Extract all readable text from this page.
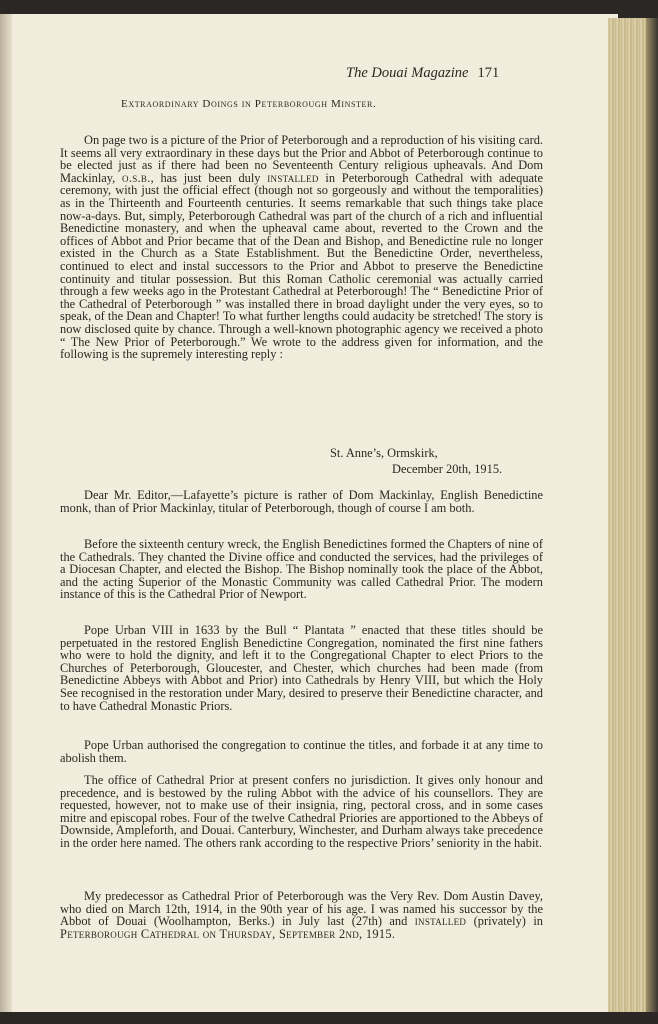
The Douai Magazine 171
Extraordinary Doings in Peterborough Minster.

On page two is a picture of the Prior of Peterborough and a reproduction of his visiting card. It seems all very extraordinary in these days but the Prior and Abbot of Peterborough continue to be elected just as if there had been no Seventeenth Century religious upheavals. And Dom Mackinlay, o.s.b., has just been duly installed in Peterborough Cathedral with adequate ceremony, with just the official effect (though not so gorgeously and without the temporalities) as in the Thirteenth and Fourteenth centuries. It seems remarkable that such things take place now-a-days. But, simply, Peterborough Cathedral was part of the church of a rich and influential Benedictine monastery, and when the upheaval came about, reverted to the Crown and the offices of Abbot and Prior became that of the Dean and Bishop, and Benedictine rule no longer existed in the Church as a State Establishment. But the Benedictine Order, nevertheless, continued to elect and instal successors to the Prior and Abbot to preserve the Benedictine continuity and titular possession. But this Roman Catholic ceremonial was actually carried through a few weeks ago in the Protestant Cathedral at Peterborough! The “ Benedictine Prior of the Cathedral of Peterborough ” was installed there in broad daylight under the very eyes, so to speak, of the Dean and Chapter! To what further lengths could audacity be stretched! The story is now disclosed quite by chance. Through a well-known photographic agency we received a photo “ The New Prior of Peterborough.” We wrote to the address given for information, and the following is the supremely interesting reply :

St. Anne’s, Ormskirk,
December 20th, 1915.

Dear Mr. Editor,—Lafayette’s picture is rather of Dom Mackinlay, English Benedictine monk, than of Prior Mackinlay, titular of Peterborough, though of course I am both.

Before the sixteenth century wreck, the English Benedictines formed the Chapters of nine of the Cathedrals. They chanted the Divine office and conducted the services, had the privileges of a Diocesan Chapter, and elected the Bishop. The Bishop nominally took the place of the Abbot, and the acting Superior of the Monastic Community was called Cathedral Prior. The modern instance of this is the Cathedral Prior of Newport.

Pope Urban VIII in 1633 by the Bull “ Plantata ” enacted that these titles should be perpetuated in the restored English Benedictine Congregation, nominated the first nine fathers who were to hold the dignity, and left it to the Congregational Chapter to elect Priors to the Churches of Peterborough, Gloucester, and Chester, which churches had been made (from Benedictine Abbeys with Abbot and Prior) into Cathedrals by Henry VIII, but which the Holy See recognised in the restoration under Mary, desired to preserve their Benedictine character, and to have Cathedral Monastic Priors.

Pope Urban authorised the congregation to continue the titles, and forbade it at any time to abolish them.

The office of Cathedral Prior at present confers no jurisdiction. It gives only honour and precedence, and is bestowed by the ruling Abbot with the advice of his counsellors. They are requested, however, not to make use of their insignia, ring, pectoral cross, and in some cases mitre and episcopal robes. Four of the twelve Cathedral Priories are apportioned to the Abbeys of Downside, Ampleforth, and Douai. Canterbury, Winchester, and Durham always take precedence in the order here named. The others rank according to the respective Priors’ seniority in the habit.

My predecessor as Cathedral Prior of Peterborough was the Very Rev. Dom Austin Davey, who died on March 12th, 1914, in the 90th year of his age. I was named his successor by the Abbot of Douai (Woolhampton, Berks.) in July last (27th) and installed (privately) in Peterborough Cathedral on Thursday, September 2nd, 1915.
